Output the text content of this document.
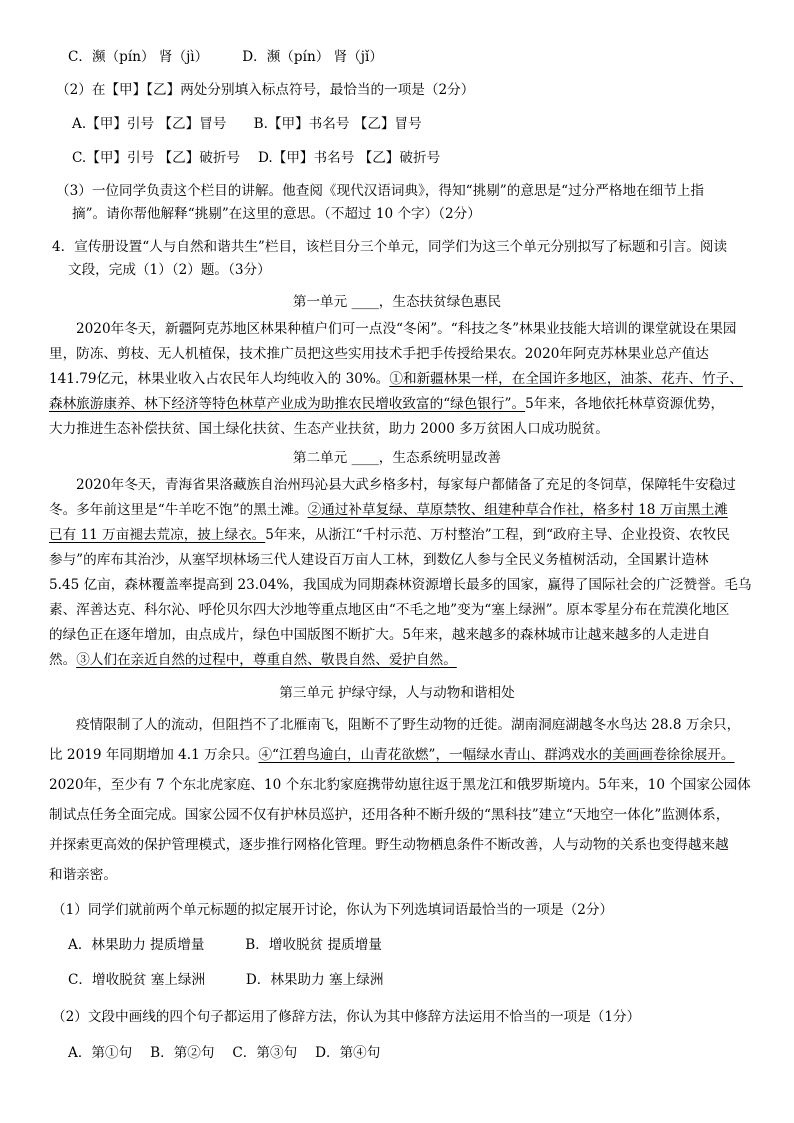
C．濒（pín） 肾（jì）　　　D．濒（pín） 肾（jǐ）
（2）在【甲】【乙】两处分别填入标点符号，最恰当的一项是（2分）
A.【甲】引号 【乙】冒号　　B.【甲】书名号 【乙】冒号
C.【甲】引号 【乙】破折号　 D.【甲】书名号 【乙】破折号
（3）一位同学负责这个栏目的讲解。他查阅《现代汉语词典》，得知“挑剔”的意思是“过分严格地在细节上指
摘”。请你帮他解释“挑剔”在这里的意思。（不超过 10 个字）（2分）
4．宣传册设置“人与自然和谐共生”栏目，该栏目分三个单元，同学们为这三个单元分别拟写了标题和引言。阅读
文段，完成（1）（2）题。（3分）
第一单元 ____，生态扶贫绿色惠民
2020年冬天，新疆阿克苏地区林果种植户们可一点没“冬闲”。“科技之冬”林果业技能大培训的课堂就设在果园
里，防冻、剪枝、无人机植保，技术推广员把这些实用技术手把手传授给果农。2020年阿克苏林果业总产值达
141.79亿元，林果业收入占农民年人均纯收入的 30%。①和新疆林果一样，在全国许多地区，油茶、花卉、竹子、
森林旅游康养、林下经济等特色林草产业成为助推农民增收致富的“绿色银行”。5年来，各地依托林草资源优势，
大力推进生态补偿扶贫、国土绿化扶贫、生态产业扶贫，助力 2000 多万贫困人口成功脱贫。
第二单元 ____，生态系统明显改善
2020年冬天，青海省果洛藏族自治州玛沁县大武乡格多村，每家每户都储备了充足的冬饲草，保障牦牛安稳过
冬。多年前这里是“牛羊吃不饱”的黑土滩。②通过补草复绿、草原禁牧、组建种草合作社，格多村 18 万亩黑土滩
已有 11 万亩褪去荒凉，披上绿衣。5年来，从浙江“千村示范、万村整治”工程，到“政府主导、企业投资、农牧民
参与”的库布其治沙，从塞罕坝林场三代人建设百万亩人工林，到数亿人参与全民义务植树活动，全国累计造林
5.45 亿亩，森林覆盖率提高到 23.04%，我国成为同期森林资源增长最多的国家，赢得了国际社会的广泛赞誉。毛乌
素、浑善达克、科尔沁、呼伦贝尔四大沙地等重点地区由“不毛之地”变为“塞上绿洲”。原本零星分布在荒漠化地区
的绿色正在逐年增加，由点成片，绿色中国版图不断扩大。5年来，越来越多的森林城市让越来越多的人走进自
然。③人们在亲近自然的过程中，尊重自然、敬畏自然、爱护自然。
第三单元 护绿守绿，人与动物和谐相处
疫情限制了人的流动，但阻挡不了北雁南飞，阻断不了野生动物的迁徙。湖南洞庭湖越冬水鸟达 28.8 万余只，
比 2019 年同期增加 4.1 万余只。④“江碧鸟逾白，山青花欲燃”，一幅绿水青山、群鸿戏水的美画画卷徐徐展开。
2020年，至少有 7 个东北虎家庭、10 个东北豹家庭携带幼崽往返于黑龙江和俄罗斯境内。5年来，10 个国家公园体
制试点任务全面完成。国家公园不仅有护林员巡护，还用各种不断升级的“黑科技”建立“天地空一体化”监测体系，
并探索更高效的保护管理模式，逐步推行网格化管理。野生动物栖息条件不断改善，人与动物的关系也变得越来越
和谐亲密。
（1）同学们就前两个单元标题的拟定展开讨论，你认为下列选填词语最恰当的一项是（2分）
A．林果助力 提质增量　　　B．增收脱贫 提质增量
C．增收脱贫 塞上绿洲　　　D．林果助力 塞上绿洲
（2）文段中画线的四个句子都运用了修辞方法，你认为其中修辞方法运用不恰当的一项是（1分）
A．第①句　 B．第②句　 C．第③句　 D．第④句
